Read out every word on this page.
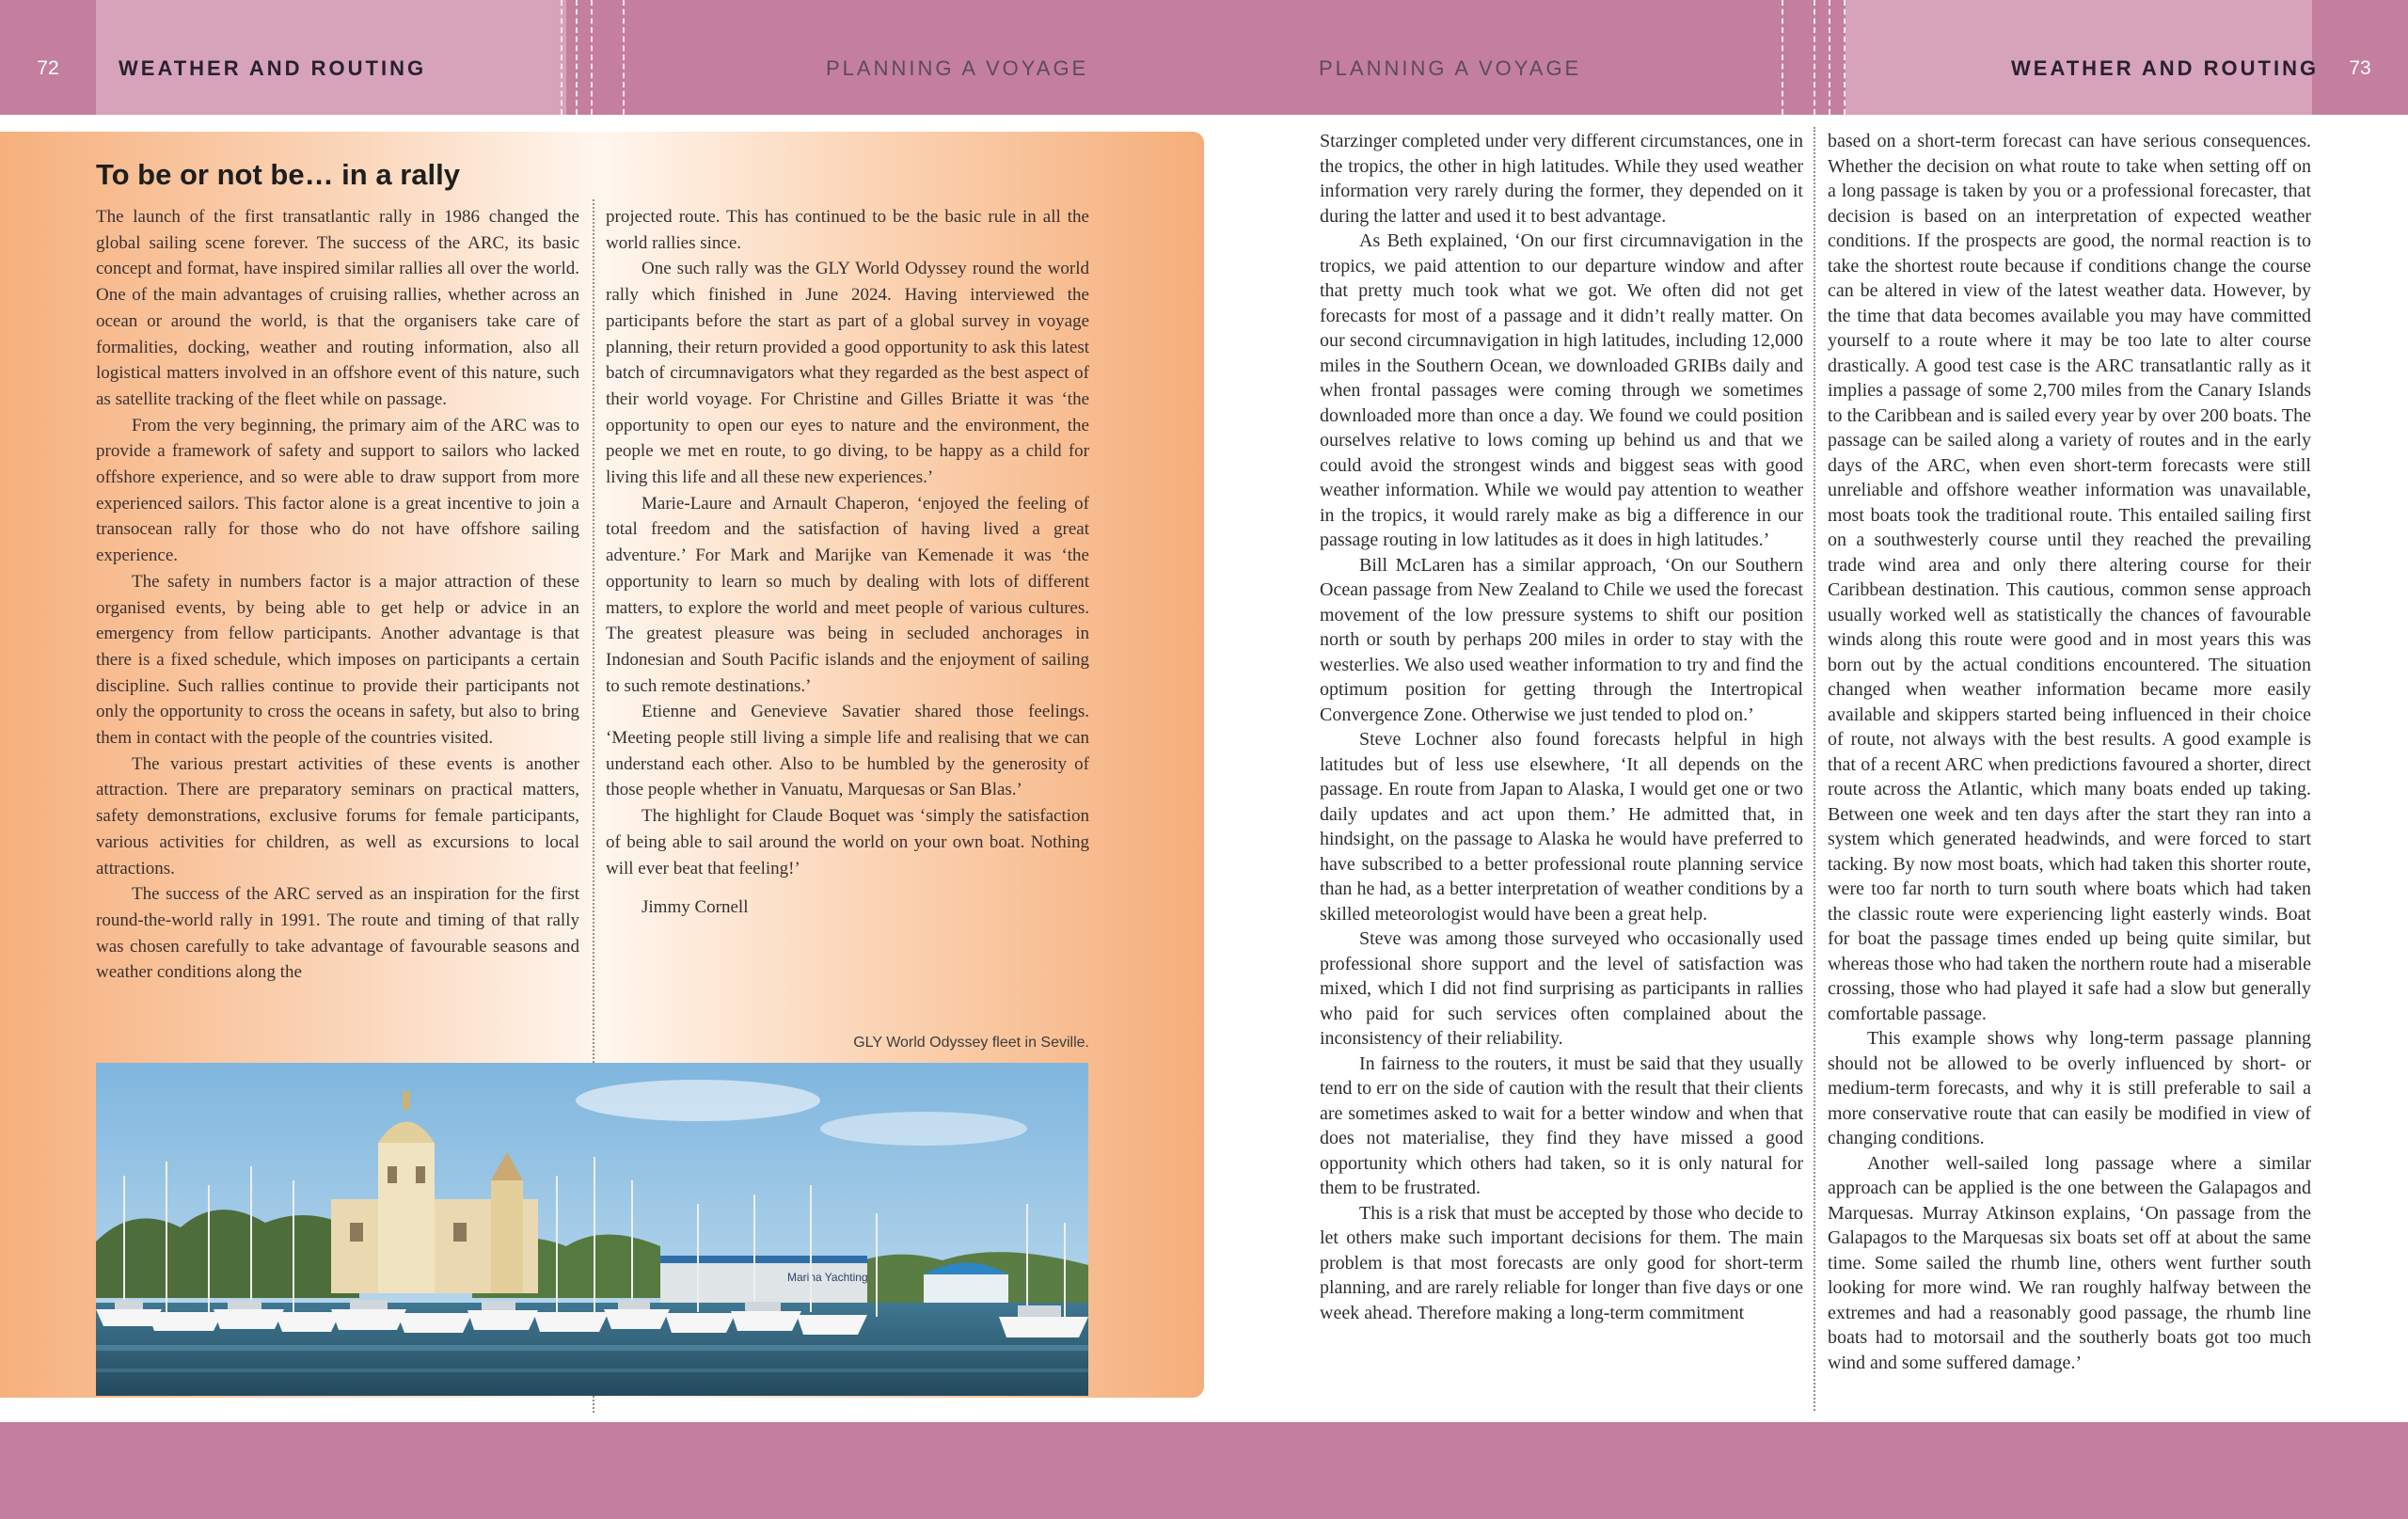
72	WEATHER AND ROUTING	PLANNING A VOYAGE	PLANNING A VOYAGE	WEATHER AND ROUTING	73
To be or not be… in a rally

The launch of the first transatlantic rally in 1986 changed the global sailing scene forever. The success of the ARC, its basic concept and format, have inspired similar rallies all over the world. One of the main advantages of cruising rallies, whether across an ocean or around the world, is that the organisers take care of formalities, docking, weather and routing information, also all logistical matters involved in an offshore event of this nature, such as satellite tracking of the fleet while on passage.

From the very beginning, the primary aim of the ARC was to provide a framework of safety and support to sailors who lacked offshore experience, and so were able to draw support from more experienced sailors. This factor alone is a great incentive to join a transocean rally for those who do not have offshore sailing experience.

The safety in numbers factor is a major attraction of these organised events, by being able to get help or advice in an emergency from fellow participants. Another advantage is that there is a fixed schedule, which imposes on participants a certain discipline. Such rallies continue to provide their participants not only the opportunity to cross the oceans in safety, but also to bring them in contact with the people of the countries visited.

The various prestart activities of these events is another attraction. There are preparatory seminars on practical matters, safety demonstrations, exclusive forums for female participants, various activities for children, as well as excursions to local attractions.

The success of the ARC served as an inspiration for the first round-the-world rally in 1991. The route and timing of that rally was chosen carefully to take advantage of favourable seasons and weather conditions along the

projected route. This has continued to be the basic rule in all the world rallies since.

One such rally was the GLY World Odyssey round the world rally which finished in June 2024. Having interviewed the participants before the start as part of a global survey in voyage planning, their return provided a good opportunity to ask this latest batch of circumnavigators what they regarded as the best aspect of their world voyage. For Christine and Gilles Briatte it was ‘the opportunity to open our eyes to nature and the environment, the people we met en route, to go diving, to be happy as a child for living this life and all these new experiences.’

Marie-Laure and Arnault Chaperon, ‘enjoyed the feeling of total freedom and the satisfaction of having lived a great adventure.’ For Mark and Marijke van Kemenade it was ‘the opportunity to learn so much by dealing with lots of different matters, to explore the world and meet people of various cultures. The greatest pleasure was being in secluded anchorages in Indonesian and South Pacific islands and the enjoyment of sailing to such remote destinations.’

Etienne and Genevieve Savatier shared those feelings. ‘Meeting people still living a simple life and realising that we can understand each other. Also to be humbled by the generosity of those people whether in Vanuatu, Marquesas or San Blas.’

The highlight for Claude Boquet was ‘simply the satisfaction of being able to sail around the world on your own boat. Nothing will ever beat that feeling!’

Jimmy Cornell

GLY World Odyssey fleet in Seville.
Marina Yachting

Starzinger completed under very different circumstances, one in the tropics, the other in high latitudes. While they used weather information very rarely during the former, they depended on it during the latter and used it to best advantage.

As Beth explained, ‘On our first circumnavigation in the tropics, we paid attention to our departure window and after that pretty much took what we got. We often did not get forecasts for most of a passage and it didn’t really matter. On our second circumnavigation in high latitudes, including 12,000 miles in the Southern Ocean, we downloaded GRIBs daily and when frontal passages were coming through we sometimes downloaded more than once a day. We found we could position ourselves relative to lows coming up behind us and that we could avoid the strongest winds and biggest seas with good weather information. While we would pay attention to weather in the tropics, it would rarely make as big a difference in our passage routing in low latitudes as it does in high latitudes.’

Bill McLaren has a similar approach, ‘On our Southern Ocean passage from New Zealand to Chile we used the forecast movement of the low pressure systems to shift our position north or south by perhaps 200 miles in order to stay with the westerlies. We also used weather information to try and find the optimum position for getting through the Intertropical Convergence Zone. Otherwise we just tended to plod on.’

Steve Lochner also found forecasts helpful in high latitudes but of less use elsewhere, ‘It all depends on the passage. En route from Japan to Alaska, I would get one or two daily updates and act upon them.’ He admitted that, in hindsight, on the passage to Alaska he would have preferred to have subscribed to a better professional route planning service than he had, as a better interpretation of weather conditions by a skilled meteorologist would have been a great help.

Steve was among those surveyed who occasionally used professional shore support and the level of satisfaction was mixed, which I did not find surprising as participants in rallies who paid for such services often complained about the inconsistency of their reliability.

In fairness to the routers, it must be said that they usually tend to err on the side of caution with the result that their clients are sometimes asked to wait for a better window and when that does not materialise, they find they have missed a good opportunity which others had taken, so it is only natural for them to be frustrated.

This is a risk that must be accepted by those who decide to let others make such important decisions for them. The main problem is that most forecasts are only good for short-term planning, and are rarely reliable for longer than five days or one week ahead. Therefore making a long-term commitment

based on a short-term forecast can have serious consequences. Whether the decision on what route to take when setting off on a long passage is taken by you or a professional forecaster, that decision is based on an interpretation of expected weather conditions. If the prospects are good, the normal reaction is to take the shortest route because if conditions change the course can be altered in view of the latest weather data. However, by the time that data becomes available you may have committed yourself to a route where it may be too late to alter course drastically. A good test case is the ARC transatlantic rally as it implies a passage of some 2,700 miles from the Canary Islands to the Caribbean and is sailed every year by over 200 boats. The passage can be sailed along a variety of routes and in the early days of the ARC, when even short-term forecasts were still unreliable and offshore weather information was unavailable, most boats took the traditional route. This entailed sailing first on a southwesterly course until they reached the prevailing trade wind area and only there altering course for their Caribbean destination. This cautious, common sense approach usually worked well as statistically the chances of favourable winds along this route were good and in most years this was born out by the actual conditions encountered. The situation changed when weather information became more easily available and skippers started being influenced in their choice of route, not always with the best results. A good example is that of a recent ARC when predictions favoured a shorter, direct route across the Atlantic, which many boats ended up taking. Between one week and ten days after the start they ran into a system which generated headwinds, and were forced to start tacking. By now most boats, which had taken this shorter route, were too far north to turn south where boats which had taken the classic route were experiencing light easterly winds. Boat for boat the passage times ended up being quite similar, but whereas those who had taken the northern route had a miserable crossing, those who had played it safe had a slow but generally comfortable passage.

This example shows why long-term passage planning should not be allowed to be overly influenced by short- or medium-term forecasts, and why it is still preferable to sail a more conservative route that can easily be modified in view of changing conditions.

Another well-sailed long passage where a similar approach can be applied is the one between the Galapagos and Marquesas. Murray Atkinson explains, ‘On passage from the Galapagos to the Marquesas six boats set off at about the same time. Some sailed the rhumb line, others went further south looking for more wind. We ran roughly halfway between the extremes and had a reasonably good passage, the rhumb line boats had to motorsail and the southerly boats got too much wind and some suffered damage.’
